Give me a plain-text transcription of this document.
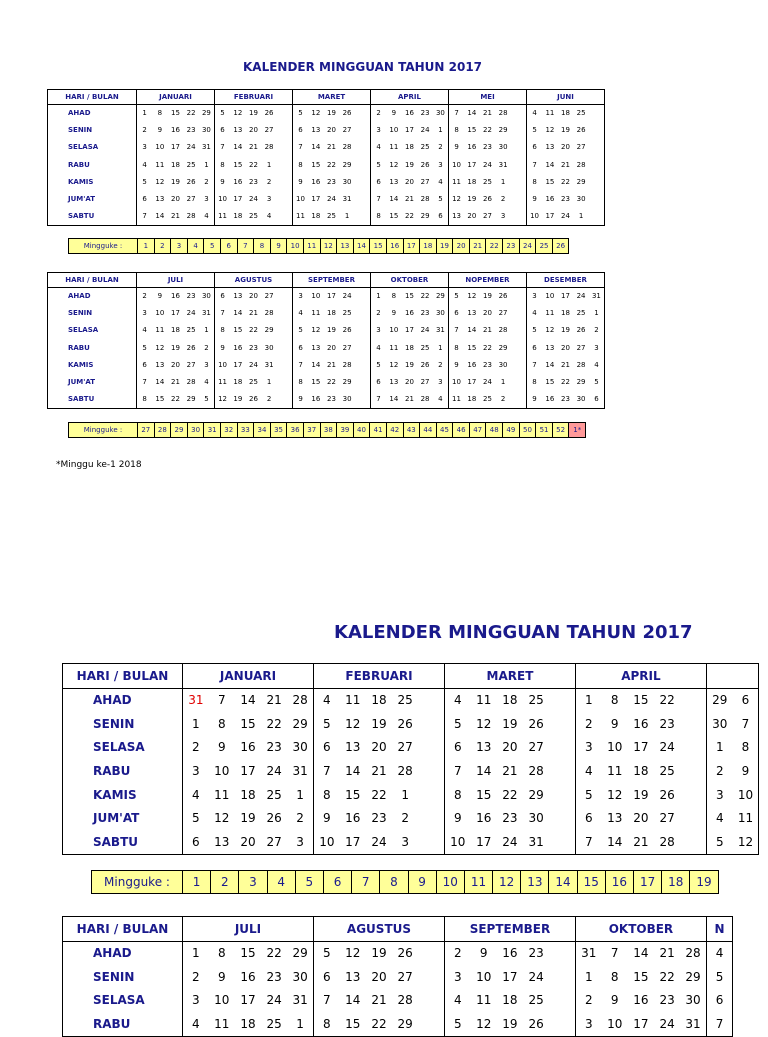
KALENDER MINGGUAN TAHUN 2017
HARI / BULAN	JANUARI					FEBRUARI					MARET					APRIL					MEI					JUNI				
AHAD	1	8	15	22	29	5	12	19	26		5	12	19	26		2	9	16	23	30	7	14	21	28		4	11	18	25	
SENIN	2	9	16	23	30	6	13	20	27		6	13	20	27		3	10	17	24	1	8	15	22	29		5	12	19	26	
SELASA	3	10	17	24	31	7	14	21	28		7	14	21	28		4	11	18	25	2	9	16	23	30		6	13	20	27	
RABU	4	11	18	25	1	8	15	22	1		8	15	22	29		5	12	19	26	3	10	17	24	31		7	14	21	28	
KAMIS	5	12	19	26	2	9	16	23	2		9	16	23	30		6	13	20	27	4	11	18	25	1		8	15	22	29	
JUM'AT	6	13	20	27	3	10	17	24	3		10	17	24	31		7	14	21	28	5	12	19	26	2		9	16	23	30	
SABTU	7	14	21	28	4	11	18	25	4		11	18	25	1		8	15	22	29	6	13	20	27	3		10	17	24	1	
Mingguke :	1	2	3	4	5	6	7	8	9	10	11	12	13	14	15	16	17	18	19	20	21	22	23	24	25	26
HARI / BULAN	JULI					AGUSTUS					SEPTEMBER					OKTOBER					NOPEMBER					DESEMBER				
AHAD	2	9	16	23	30	6	13	20	27		3	10	17	24		1	8	15	22	29	5	12	19	26		3	10	17	24	31
SENIN	3	10	17	24	31	7	14	21	28		4	11	18	25		2	9	16	23	30	6	13	20	27		4	11	18	25	1
SELASA	4	11	18	25	1	8	15	22	29		5	12	19	26		3	10	17	24	31	7	14	21	28		5	12	19	26	2
RABU	5	12	19	26	2	9	16	23	30		6	13	20	27		4	11	18	25	1	8	15	22	29		6	13	20	27	3
KAMIS	6	13	20	27	3	10	17	24	31		7	14	21	28		5	12	19	26	2	9	16	23	30		7	14	21	28	4
JUM'AT	7	14	21	28	4	11	18	25	1		8	15	22	29		6	13	20	27	3	10	17	24	1		8	15	22	29	5
SABTU	8	15	22	29	5	12	19	26	2		9	16	23	30		7	14	21	28	4	11	18	25	2		9	16	23	30	6
Mingguke :	27	28	29	30	31	32	33	34	35	36	37	38	39	40	41	42	43	44	45	46	47	48	49	50	51	52	1*
*Minggu ke-1 2018
KALENDER MINGGUAN TAHUN 2017
HARI / BULAN	JANUARI					FEBRUARI					MARET					APRIL						
AHAD	31	7	14	21	28	4	11	18	25		4	11	18	25		1	8	15	22		29	6
SENIN	1	8	15	22	29	5	12	19	26		5	12	19	26		2	9	16	23		30	7
SELASA	2	9	16	23	30	6	13	20	27		6	13	20	27		3	10	17	24		1	8
RABU	3	10	17	24	31	7	14	21	28		7	14	21	28		4	11	18	25		2	9
KAMIS	4	11	18	25	1	8	15	22	1		8	15	22	29		5	12	19	26		3	10
JUM'AT	5	12	19	26	2	9	16	23	2		9	16	23	30		6	13	20	27		4	11
SABTU	6	13	20	27	3	10	17	24	3		10	17	24	31		7	14	21	28		5	12
Mingguke :	1	2	3	4	5	6	7	8	9	10	11	12	13	14	15	16	17	18	19
HARI / BULAN	JULI					AGUSTUS					SEPTEMBER					OKTOBER					N
AHAD	1	8	15	22	29	5	12	19	26		2	9	16	23		31	7	14	21	28	4
SENIN	2	9	16	23	30	6	13	20	27		3	10	17	24		1	8	15	22	29	5
SELASA	3	10	17	24	31	7	14	21	28		4	11	18	25		2	9	16	23	30	6
RABU	4	11	18	25	1	8	15	22	29		5	12	19	26		3	10	17	24	31	7
